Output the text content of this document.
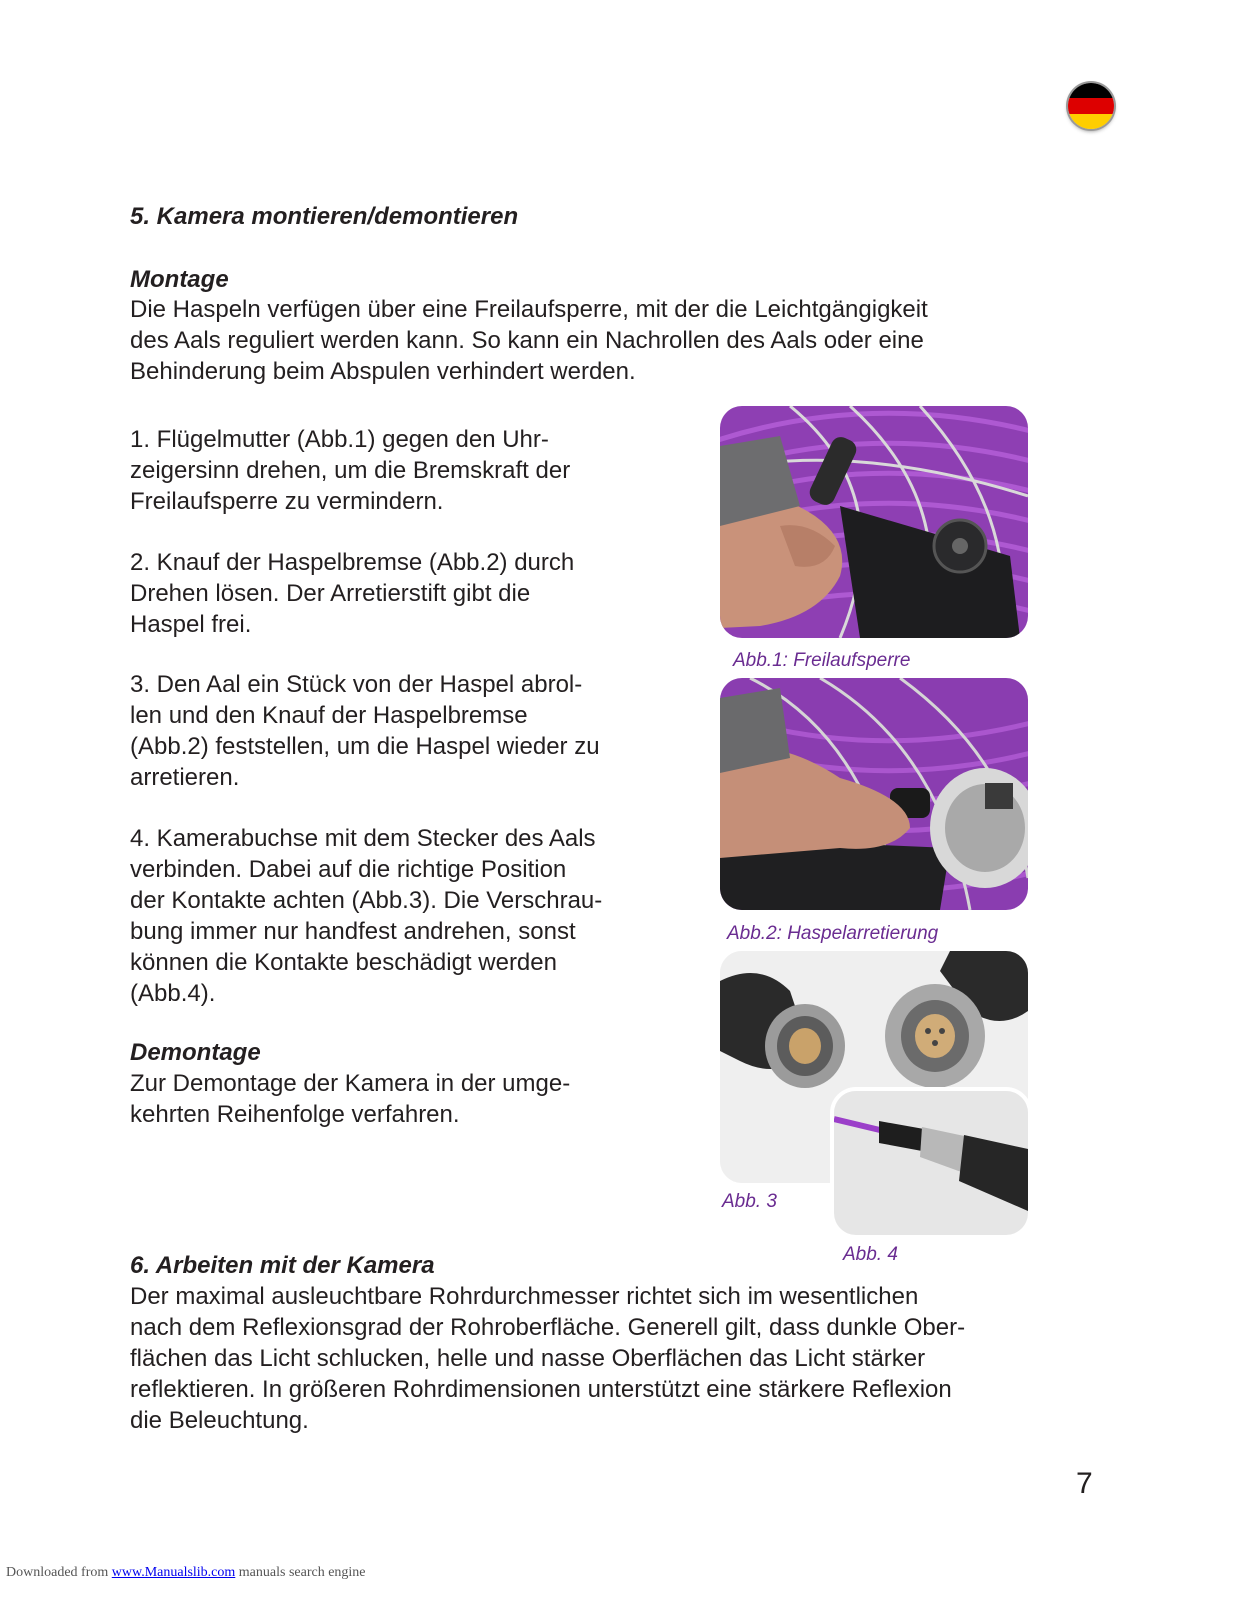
5. Kamera montieren/demontieren
Montage

Die Haspeln verfügen über eine Freilaufsperre, mit der die Leichtgängigkeit
des Aals reguliert werden kann. So kann ein Nachrollen des Aals oder eine
Behinderung beim Abspulen verhindert werden.

1. Flügelmutter (Abb.1) gegen den Uhr-
zeigersinn drehen, um die Bremskraft der
Freilaufsperre zu vermindern.

2. Knauf der Haspelbremse (Abb.2) durch
Drehen lösen. Der Arretierstift gibt die
Haspel frei.

3. Den Aal ein Stück von der Haspel abrol-
len und den Knauf der Haspelbremse
(Abb.2) feststellen, um die Haspel wieder zu
arretieren.

4. Kamerabuchse mit dem Stecker des Aals
verbinden. Dabei auf die richtige Position
der Kontakte achten (Abb.3). Die Verschrau-
bung immer nur handfest andrehen, sonst
können die Kontakte beschädigt werden
(Abb.4).

Demontage

Zur Demontage der Kamera in der umge-
kehrten Reihenfolge verfahren.

Abb.1: Freilaufsperre
Abb.2: Haspelarretierung
Abb. 3
Abb. 4
6. Arbeiten mit der Kamera

Der maximal ausleuchtbare Rohrdurchmesser richtet sich im wesentlichen
nach dem Reflexionsgrad der Rohroberfläche. Generell gilt, dass dunkle Ober-
flächen das Licht schlucken, helle und nasse Oberflächen das Licht stärker
reflektieren. In größeren Rohrdimensionen unterstützt eine stärkere Reflexion
die Beleuchtung.

7
Downloaded from www.Manualslib.com manuals search engine
